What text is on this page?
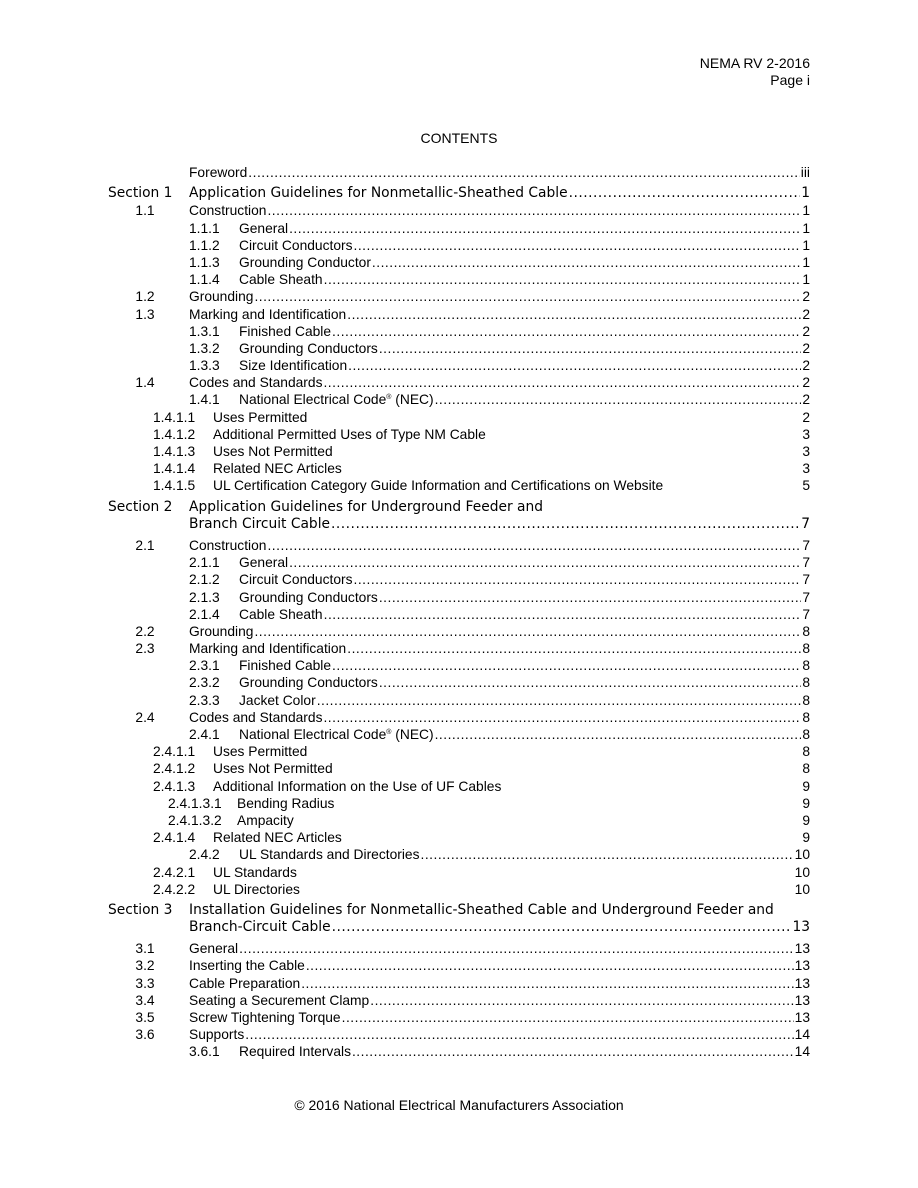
NEMA RV 2-2016
Page i
CONTENTS
Foreword .....	iii
Section 1 Application Guidelines for Nonmetallic-Sheathed Cable .....	1
1.1	Construction .....	1
1.1.1 General .....	1
1.1.2 Circuit Conductors .....	1
1.1.3 Grounding Conductor .....	1
1.1.4 Cable Sheath .....	1
1.2	Grounding .....	2
1.3	Marking and Identification .....	2
1.3.1 Finished Cable .....	2
1.3.2 Grounding Conductors .....	2
1.3.3 Size Identification .....	2
1.4	Codes and Standards .....	2
1.4.1 National Electrical Code® (NEC) .....	2
1.4.1.1 Uses Permitted	2
1.4.1.2 Additional Permitted Uses of Type NM Cable	3
1.4.1.3 Uses Not Permitted	3
1.4.1.4 Related NEC Articles	3
1.4.1.5 UL Certification Category Guide Information and Certifications on Website	5
Section 2 Application Guidelines for Underground Feeder and
Branch Circuit Cable .....	7
2.1	Construction .....	7
2.1.1 General .....	7
2.1.2 Circuit Conductors .....	7
2.1.3 Grounding Conductors .....	7
2.1.4 Cable Sheath .....	7
2.2	Grounding .....	8
2.3	Marking and Identification .....	8
2.3.1 Finished Cable .....	8
2.3.2 Grounding Conductors .....	8
2.3.3 Jacket Color .....	8
2.4	Codes and Standards .....	8
2.4.1 National Electrical Code® (NEC) .....	8
2.4.1.1 Uses Permitted	8
2.4.1.2 Uses Not Permitted	8
2.4.1.3 Additional Information on the Use of UF Cables	9
2.4.1.3.1 Bending Radius	9
2.4.1.3.2 Ampacity	9
2.4.1.4 Related NEC Articles	9
2.4.2 UL Standards and Directories .....	10
2.4.2.1 UL Standards	10
2.4.2.2 UL Directories	10
Section 3 Installation Guidelines for Nonmetallic-Sheathed Cable and Underground Feeder and
Branch-Circuit Cable .....	13
3.1	General .....	13
3.2	Inserting the Cable .....	13
3.3	Cable Preparation .....	13
3.4	Seating a Securement Clamp .....	13
3.5	Screw Tightening Torque .....	13
3.6	Supports .....	14
3.6.1 Required Intervals .....	14
© 2016 National Electrical Manufacturers Association
